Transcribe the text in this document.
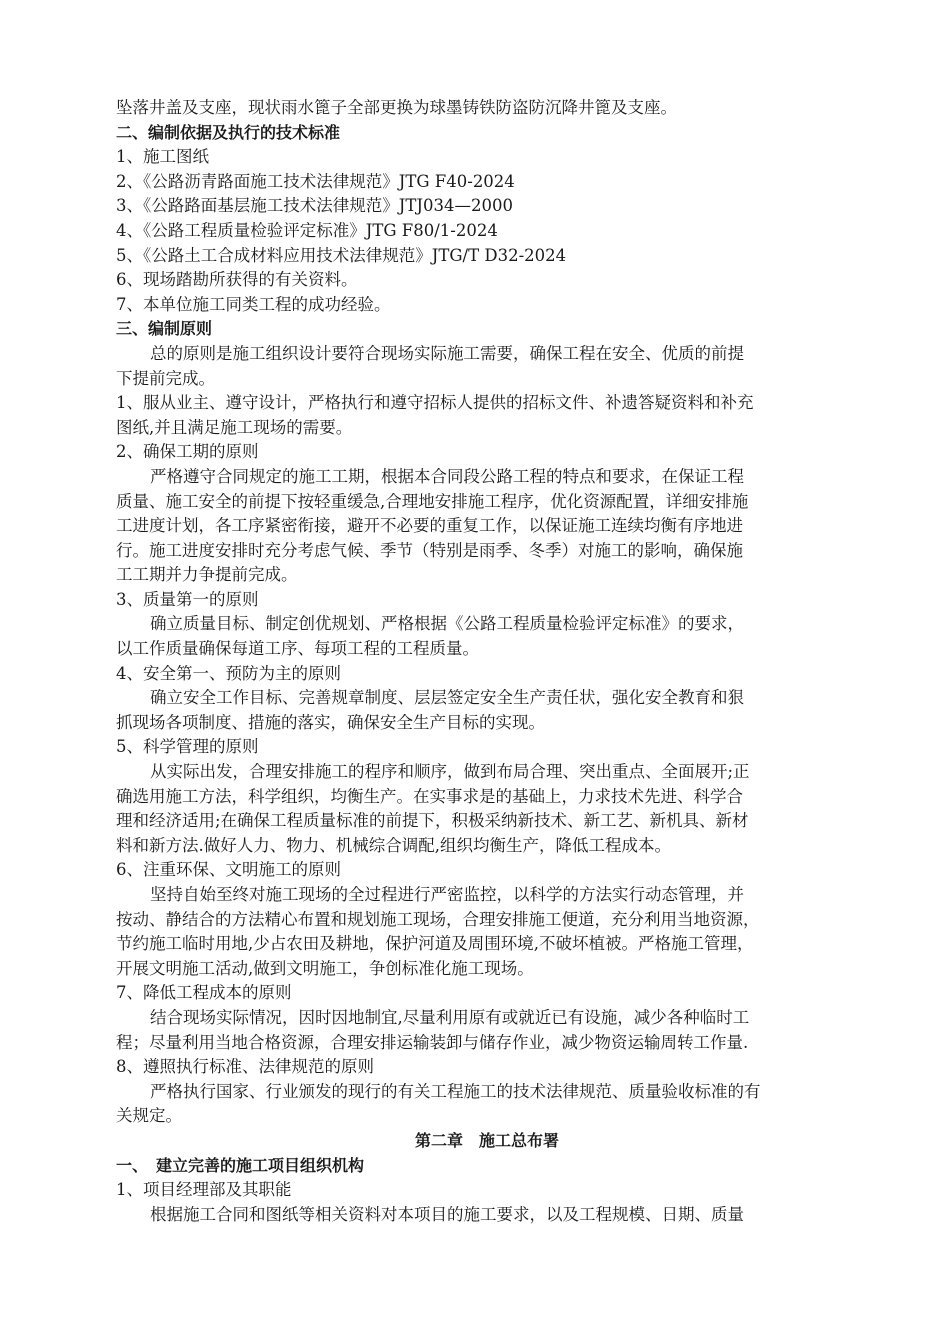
坠落井盖及支座，现状雨水篦子全部更换为球墨铸铁防盗防沉降井篦及支座。
二、编制依据及执行的技术标准
1、施工图纸
2、《公路沥青路面施工技术法律规范》JTG F40-2024
3、《公路路面基层施工技术法律规范》JTJ034—2000
4、《公路工程质量检验评定标准》JTG F80/1-2024
5、《公路土工合成材料应用技术法律规范》JTG/T D32-2024
6、现场踏勘所获得的有关资料。
7、本单位施工同类工程的成功经验。
三、编制原则
总的原则是施工组织设计要符合现场实际施工需要，确保工程在安全、优质的前提
下提前完成。
1、服从业主、遵守设计，严格执行和遵守招标人提供的招标文件、补遗答疑资料和补充
图纸,并且满足施工现场的需要。
2、确保工期的原则
严格遵守合同规定的施工工期，根据本合同段公路工程的特点和要求，在保证工程
质量、施工安全的前提下按轻重缓急,合理地安排施工程序，优化资源配置，详细安排施
工进度计划，各工序紧密衔接，避开不必要的重复工作，以保证施工连续均衡有序地进
行。施工进度安排时充分考虑气候、季节（特别是雨季、冬季）对施工的影响，确保施
工工期并力争提前完成。
3、质量第一的原则
确立质量目标、制定创优规划、严格根据《公路工程质量检验评定标准》的要求，
以工作质量确保每道工序、每项工程的工程质量。
4、安全第一、预防为主的原则
确立安全工作目标、完善规章制度、层层签定安全生产责任状，强化安全教育和狠
抓现场各项制度、措施的落实，确保安全生产目标的实现。
5、科学管理的原则
从实际出发，合理安排施工的程序和顺序，做到布局合理、突出重点、全面展开;正
确选用施工方法，科学组织，均衡生产。在实事求是的基础上，力求技术先进、科学合
理和经济适用;在确保工程质量标准的前提下，积极采纳新技术、新工艺、新机具、新材
料和新方法.做好人力、物力、机械综合调配,组织均衡生产，降低工程成本。
6、注重环保、文明施工的原则
坚持自始至终对施工现场的全过程进行严密监控，以科学的方法实行动态管理，并
按动、静结合的方法精心布置和规划施工现场，合理安排施工便道，充分利用当地资源，
节约施工临时用地,少占农田及耕地，保护河道及周围环境,不破坏植被。严格施工管理，
开展文明施工活动,做到文明施工，争创标准化施工现场。
7、降低工程成本的原则
结合现场实际情况，因时因地制宜,尽量利用原有或就近已有设施，减少各种临时工
程；尽量利用当地合格资源，合理安排运输装卸与储存作业，减少物资运输周转工作量.
8、遵照执行标准、法律规范的原则
严格执行国家、行业颁发的现行的有关工程施工的技术法律规范、质量验收标准的有
关规定。
第二章　施工总布署
一、　建立完善的施工项目组织机构
1、项目经理部及其职能
根据施工合同和图纸等相关资料对本项目的施工要求，以及工程规模、日期、质量
